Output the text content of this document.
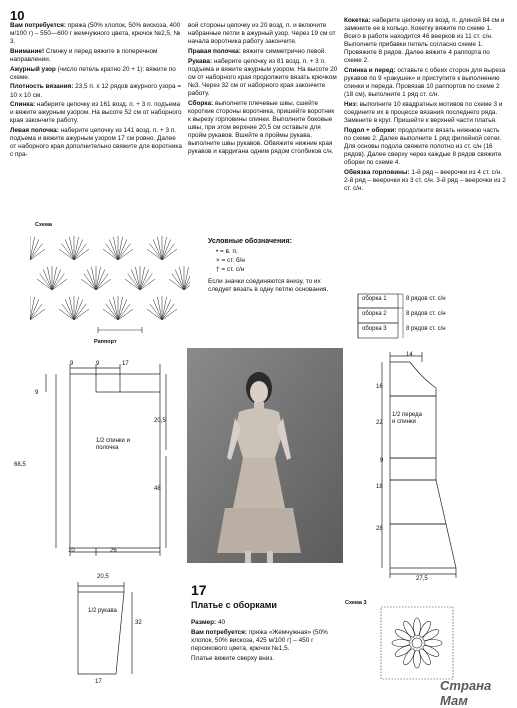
10

Вам потребуется: пряжа (50% хлопок, 50% вискоза, 400 м/100 г) – 550—600 г жемчужного цвета, крючок №2,5, № 3.

Внимание! Спинку и перед вяжите в поперечном направлении.

Ажурный узор (число петель кратно 20 + 1): вяжите по схеме.

Плотность вязания: 23,5 п. х 12 рядов ажурного узора = 10 х 10 см.

Спинка: наберите цепочку из 161 возд. п. + 3 п. подъема и вяжите ажурным узором. На высоте 52 см от наборного края закончите работу.

Левая полочка: наберите цепочку из 141 возд. п. + 3 п. подъема и вяжите ажурным узором 17 см ровно. Далее от наборного края дополнительно свяжите для воротника с пра-

вой стороны цепочку из 20 возд. п. и включите набранные петли в ажурный узор. Через 19 см от начала воротника работу закончите.

Правая полочка: вяжите симметрично левой.

Рукава: наберите цепочку из 81 возд. п. + 3 п. подъема и вяжите ажурным узором. На высоте 20 см от наборного края продолжите вязать крючком №3. Через 32 см от наборного края закончите работу.

Сборка: выполните плечевые швы, сшейте короткие стороны воротника, пришейте воротник к вырезу горловины спинки. Выполните боковые швы, при этом верхние 20,5 см оставьте для пройм рукавов. Вшейте в проймы рукава, выполните швы рукавов. Обвяжите нижние края рукавов и кардигана одним рядом столбиков с/н.

Кокетка: наберите цепочку из возд. п. длиной 84 см и замкните ее в кольцо. Кокетку вяжите по схеме 1. Всего в работе находится 46 веерков из 11 ст. с/н. Выполните прибавки петель согласно схеме 1. Провяжите 8 рядов. Далее вяжите 4 раппорта по схеме 2.

Спинка и перед: оставьте с обеих сторон для выреза рукавов по 9 «ракушек» и приступите к выполнению спинки и переда. Провязав 10 раппортов по схеме 2 (18 см), выполните 1 ряд ст. с/н.

Низ: выполните 10 квадратных мотивов по схеме 3 и соедините их в процессе вязания последнего ряда. Замкните в круг. Пришейте к верхней части платья.

Подол + оборки: продолжите вязать нижнюю часть по схеме 2. Далее выполните 1 ряд филейной сетки. Для основы подола свяжите полотно из ст. с/н (16 рядов). Далее сверху через каждые 8 рядов свяжите оборки по схеме 4.

Обвязка горловины: 1-й ряд – веерочки из 4 ст. с/н. 2-й ряд – веерочки из 3 ст. с/н. 3-й ряд – веерочки из 2 ст. с/н.

Схема
Раппорт
Условные обозначения:
• = в. п.
× = ст. б/н
† = ст. с/н
Если значки соединяются внизу, то их следует вязать в одну петлю основания.
оборка 1	8 рядов ст. с/н
оборка 2	8 рядов ст. с/н
оборка 3	8 рядов ст. с/н
9	9	17
9
20,5
68,5
48
10	26
1/2 спинки и полочка
20,5
32
17
1/2 рукава
14
16
22
9
18
28
27,5
1/2 переда и спинки
17
Платье с оборками

Размер: 40

Вам потребуется: пряжа «Жемчужная» (50% хлопок, 50% вискоза, 425 м/100 г) – 450 г персикового цвета, крючок №1,5.

Платье вяжите сверху вниз.

Схема 3
Страна Мам
